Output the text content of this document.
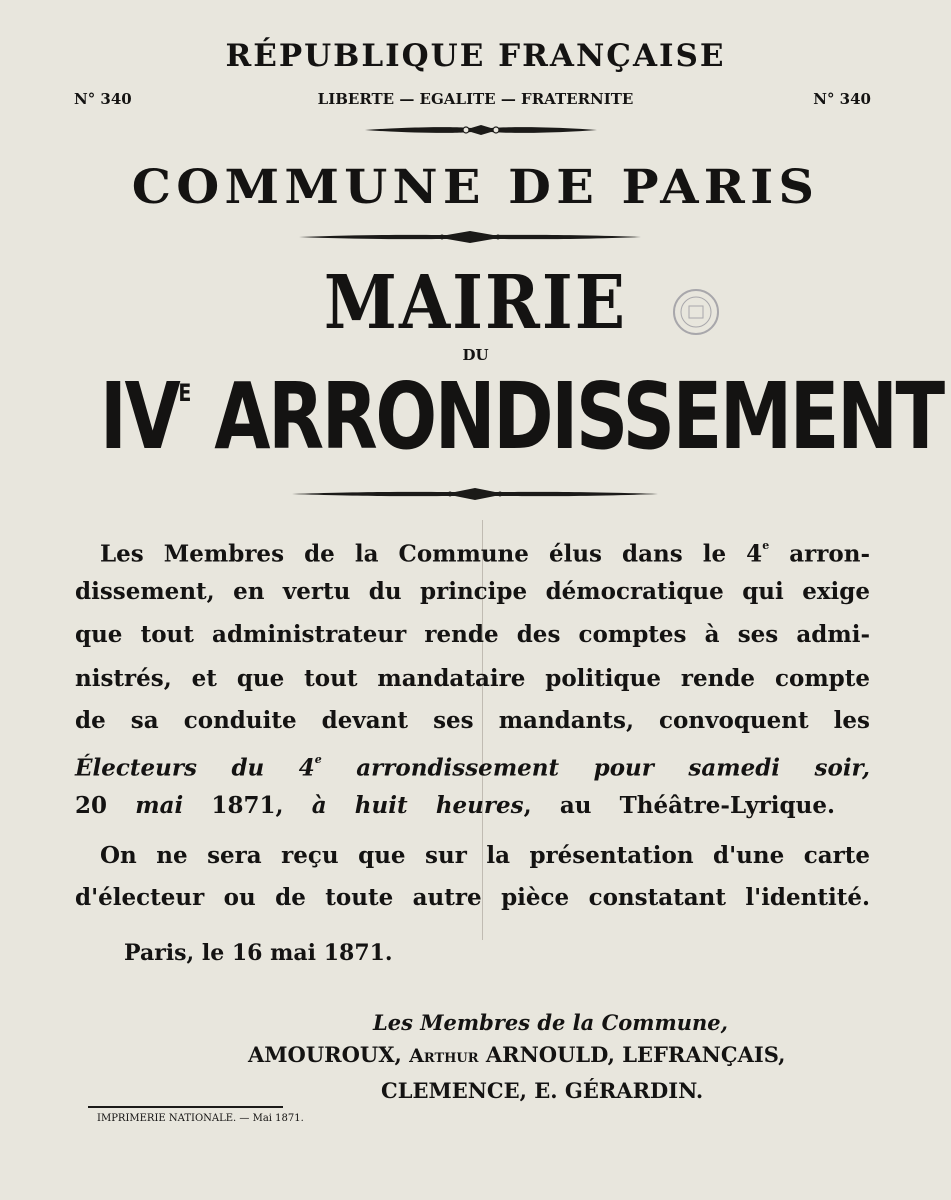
RÉPUBLIQUE FRANÇAISE
N° 340	LIBERTE — EGALITE — FRATERNITE	N° 340
COMMUNE DE PARIS
MAIRIE
DU
$IV^E$ ARRONDISSEMENT
Les Membres de la Commune élus dans le 4e arron-
dissement, en vertu du principe démocratique qui exige
que tout administrateur rende des comptes à ses admi-
nistrés, et que tout mandataire politique rende compte
de sa conduite devant ses mandants, convoquent les
Électeurs du 4e arrondissement pour samedi soir,
20 mai 1871, à huit heures, au Théâtre-Lyrique.
On ne sera reçu que sur la présentation d'une carte
d'électeur ou de toute autre pièce constatant l'identité.
Paris, le 16 mai 1871.
Les Membres de la Commune,
AMOUROUX, Arthur ARNOULD, LEFRANÇAIS,
CLEMENCE, E. GÉRARDIN.
IMPRIMERIE NATIONALE. — Mai 1871.
